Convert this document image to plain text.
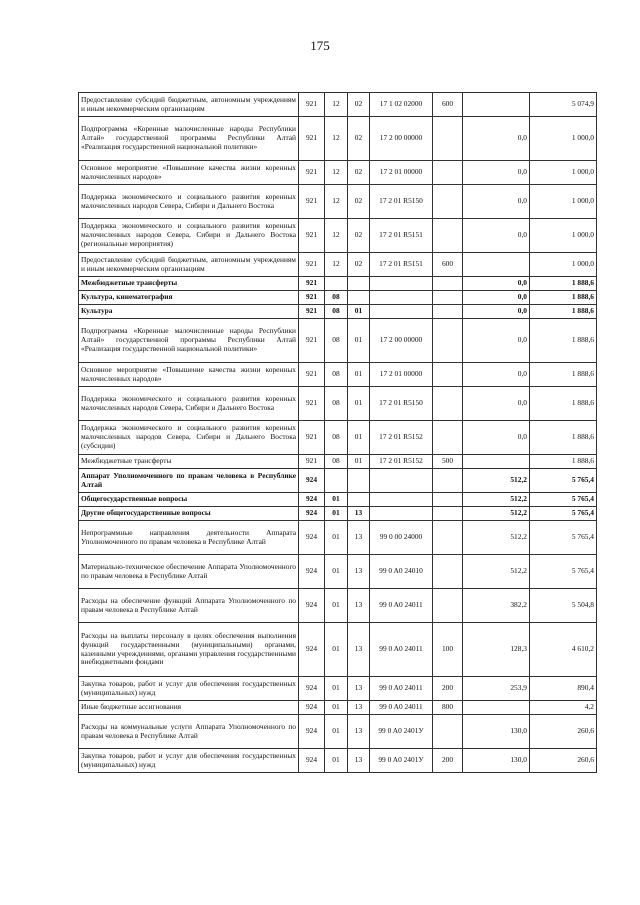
175
Предоставление субсидий бюджетным, автономным учреждениям и иным некоммерческим организациям	921	12	02	17 1 02 02000	600		5 074,9
Подпрограмма «Коренные малочисленные народы Республики Алтай» государственной программы Республики Алтай «Реализация государственной национальной политики»	921	12	02	17 2 00 00000		0,0	1 000,0
Основное мероприятие «Повышение качества жизни коренных малочисленных народов»	921	12	02	17 2 01 00000		0,0	1 000,0
Поддержка экономического и социального развития коренных малочисленных народов Севера, Сибири и Дальнего Востока	921	12	02	17 2 01 R5150		0,0	1 000,0
Поддержка экономического и социального развития коренных малочисленных народов Севера, Сибири и Дальнего Востока (региональные мероприятия)	921	12	02	17 2 01 R5151		0,0	1 000,0
Предоставление субсидий бюджетным, автономным учреждениям и иным некоммерческим организациям	921	12	02	17 2 01 R5151	600		1 000,0
Межбюджетные трансферты	921					0,0	1 888,6
Культура, кинематография	921	08				0,0	1 888,6
Культура	921	08	01			0,0	1 888,6
Подпрограмма «Коренные малочисленные народы Республики Алтай» государственной программы Республики Алтай «Реализация государственной национальной политики»	921	08	01	17 2 00 00000		0,0	1 888,6
Основное мероприятие «Повышение качества жизни коренных малочисленных народов»	921	08	01	17 2 01 00000		0,0	1 888,6
Поддержка экономического и социального развития коренных малочисленных народов Севера, Сибири и Дальнего Востока	921	08	01	17 2 01 R5150		0,0	1 888,6
Поддержка экономического и социального развития коренных малочисленных народов Севера, Сибири и Дальнего Востока (субсидии)	921	08	01	17 2 01 R5152		0,0	1 888,6
Межбюджетные трансферты	921	08	01	17 2 01 R5152	500		1 888,6
Аппарат Уполномоченного по правам человека в Республике Алтай	924					512,2	5 765,4
Общегосударственные вопросы	924	01				512,2	5 765,4
Другие общегосударственные вопросы	924	01	13			512,2	5 765,4
Непрограммные направления деятельности Аппарата Уполномоченного по правам человека в Республике Алтай	924	01	13	99 0 00 24000		512,2	5 765,4
Материально-техническое обеспечение Аппарата Уполномоченного по правам человека в Республике Алтай	924	01	13	99 0 A0 24010		512,2	5 765,4
Расходы на обеспечение функций Аппарата Уполномоченного по правам человека в Республике Алтай	924	01	13	99 0 A0 24011		382,2	5 504,8
Расходы на выплаты персоналу в целях обеспечения выполнения функций государственными (муниципальными) органами, казенными учреждениями, органами управления государственными внебюджетными фондами	924	01	13	99 0 A0 24011	100	128,3	4 610,2
Закупка товаров, работ и услуг для обеспечения государственных (муниципальных) нужд	924	01	13	99 0 A0 24011	200	253,9	890,4
Иные бюджетные ассигнования	924	01	13	99 0 A0 24011	800		4,2
Расходы на коммунальные услуги Аппарата Уполномоченного по правам человека в Республике Алтай	924	01	13	99 0 A0 2401У		130,0	260,6
Закупка товаров, работ и услуг для обеспечения государственных (муниципальных) нужд	924	01	13	99 0 A0 2401У	200	130,0	260,6
